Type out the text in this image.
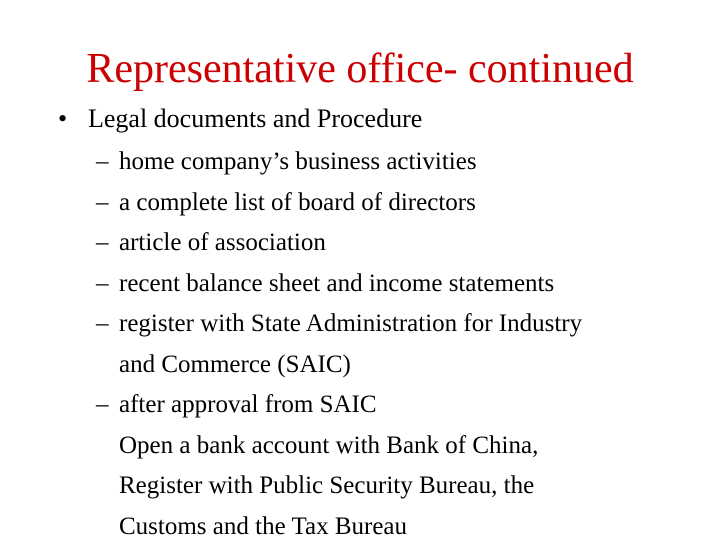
Representative office- continued
• Legal documents and Procedure
– home company’s business activities
– a complete list of board of directors
– article of association
– recent balance sheet and income statements
– register with State Administration for Industry
and Commerce (SAIC)
– after approval from SAIC
Open a bank account with Bank of China,
Register with Public Security Bureau, the
Customs and the Tax Bureau
